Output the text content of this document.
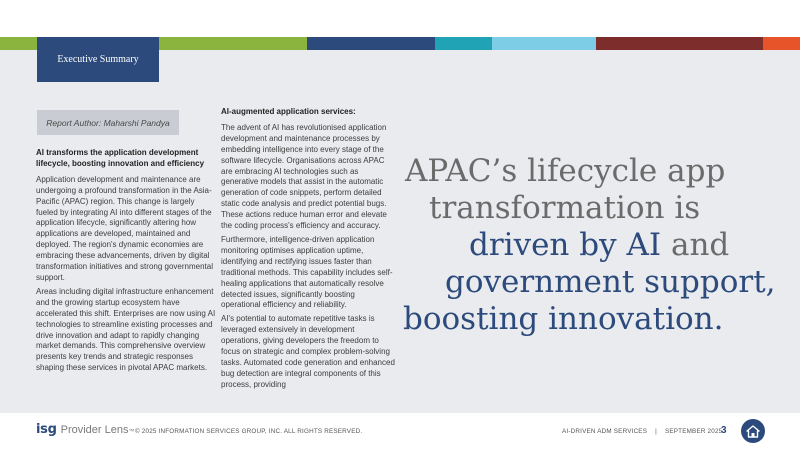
Executive Summary
Report Author: Maharshi Pandya

AI transforms the application development lifecycle, boosting innovation and efficiency

Application development and maintenance are undergoing a profound transformation in the Asia-Pacific (APAC) region. This change is largely fueled by integrating AI into different stages of the application lifecycle, significantly altering how applications are developed, maintained and deployed. The region's dynamic economies are embracing these advancements, driven by digital transformation initiatives and strong governmental support.

Areas including digital infrastructure enhancement and the growing startup ecosystem have accelerated this shift. Enterprises are now using AI technologies to streamline existing processes and drive innovation and adapt to rapidly changing market demands. This comprehensive overview presents key trends and strategic responses shaping these services in pivotal APAC markets.

AI-augmented application services:

The advent of AI has revolutionised application development and maintenance processes by embedding intelligence into every stage of the software lifecycle. Organisations across APAC are embracing AI technologies such as generative models that assist in the automatic generation of code snippets, perform detailed static code analysis and predict potential bugs. These actions reduce human error and elevate the coding process's efficiency and accuracy.

Furthermore, intelligence-driven application monitoring optimises application uptime, identifying and rectifying issues faster than traditional methods. This capability includes self-healing applications that automatically resolve detected issues, significantly boosting operational efficiency and reliability.

AI's potential to automate repetitive tasks is leveraged extensively in development operations, giving developers the freedom to focus on strategic and complex problem-solving tasks. Automated code generation and enhanced bug detection are integral components of this process, providing

APAC’s lifecycle app
transformation is
driven by AI and
government support,
boosting innovation.
isg Provider Lens ™ © 2025 INFORMATION SERVICES GROUP, INC. ALL RIGHTS RESERVED.	AI-DRIVEN ADM SERVICES | SEPTEMBER 2025
3
